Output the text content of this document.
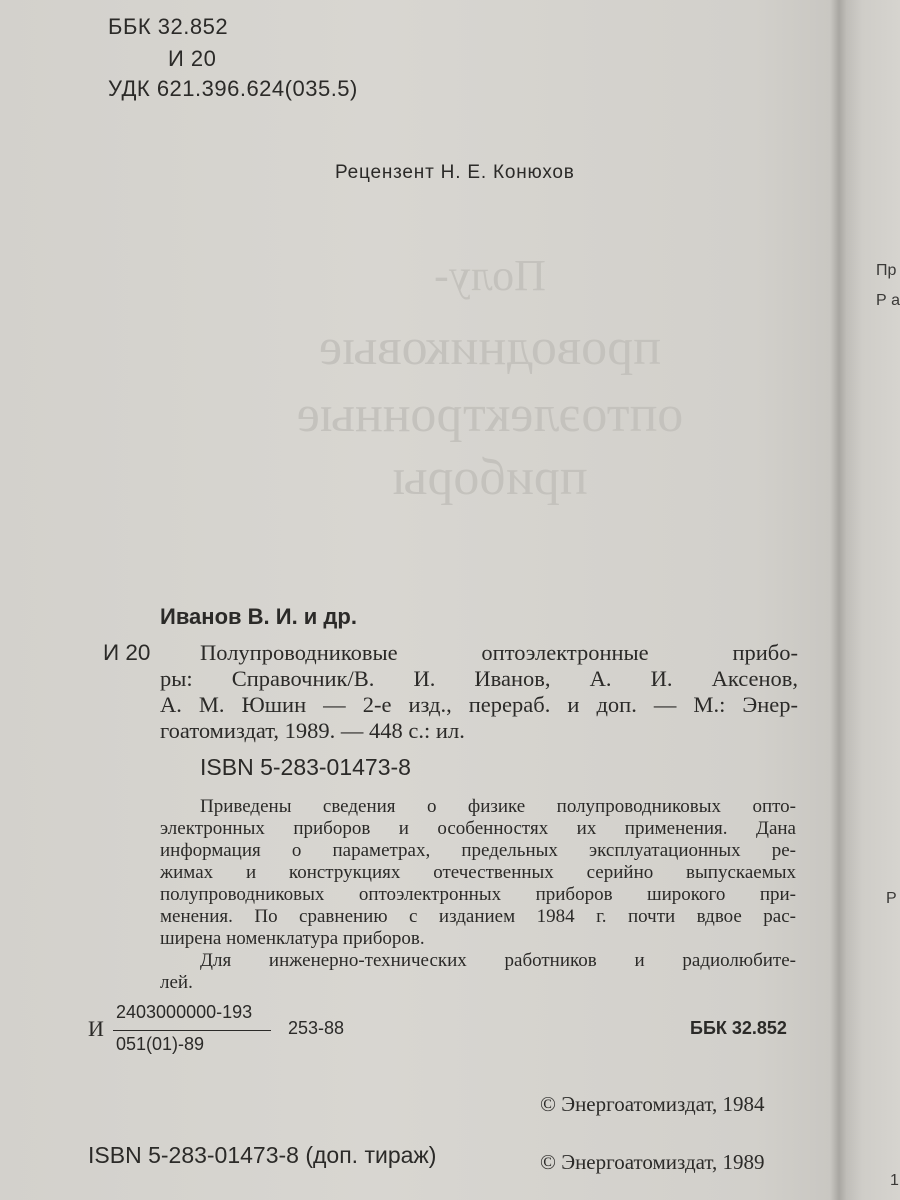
Полу-
проводниковые
оптоэлектронные
приборы
ББК 32.852
И 20
УДК 621.396.624(035.5)
Рецензент Н. Е. Конюхов
Иванов В. И. и др.
И 20 Полупроводниковые оптоэлектронные прибо-
ры: Справочник/В. И. Иванов, А. И. Аксенов,
А. М. Юшин — 2-е изд., перераб. и доп. — М.: Энер-
гоатомиздат, 1989. — 448 с.: ил.
ISBN 5-283-01473-8
Приведены сведения о физике полупроводниковых опто-
электронных приборов и особенностях их применения. Дана
информация о параметрах, предельных эксплуатационных ре-
жимах и конструкциях отечественных серийно выпускаемых
полупроводниковых оптоэлектронных приборов широкого при-
менения. По сравнению с изданием 1984 г. почти вдвое рас-
ширена номенклатура приборов.
Для инженерно-технических работников и радиолюбите-
лей.
И
2403000000-193
051(01)-89
253-88	ББК 32.852
© Энергоатомиздат, 1984
ISBN 5-283-01473-8 (доп. тираж)	© Энергоатомиздат, 1989
Пр
Р а
Р
1
